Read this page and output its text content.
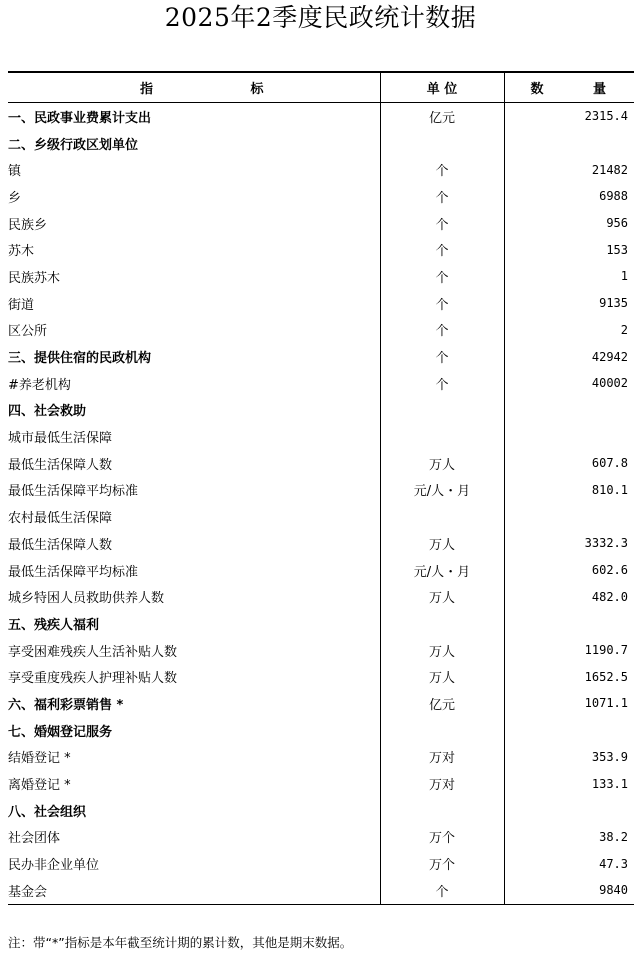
2025年2季度民政统计数据
指 标	单 位	数 量

一、民政事业费累计支出	亿元	2315.4
二、乡级行政区划单位		
镇	个	21482
乡	个	6988
民族乡	个	956
苏木	个	153
民族苏木	个	1
街道	个	9135
区公所	个	2
三、提供住宿的民政机构	个	42942
#养老机构	个	40002
四、社会救助		
城市最低生活保障		
最低生活保障人数	万人	607.8
最低生活保障平均标准	元/人・月	810.1
农村最低生活保障		
最低生活保障人数	万人	3332.3
最低生活保障平均标准	元/人・月	602.6
城乡特困人员救助供养人数	万人	482.0
五、残疾人福利		
享受困难残疾人生活补贴人数	万人	1190.7
享受重度残疾人护理补贴人数	万人	1652.5
六、福利彩票销售 *	亿元	1071.1
七、婚姻登记服务		
结婚登记 *	万对	353.9
离婚登记 *	万对	133.1
八、社会组织		
社会团体	万个	38.2
民办非企业单位	万个	47.3
基金会	个	9840
注：带“*”指标是本年截至统计期的累计数，其他是期末数据。
